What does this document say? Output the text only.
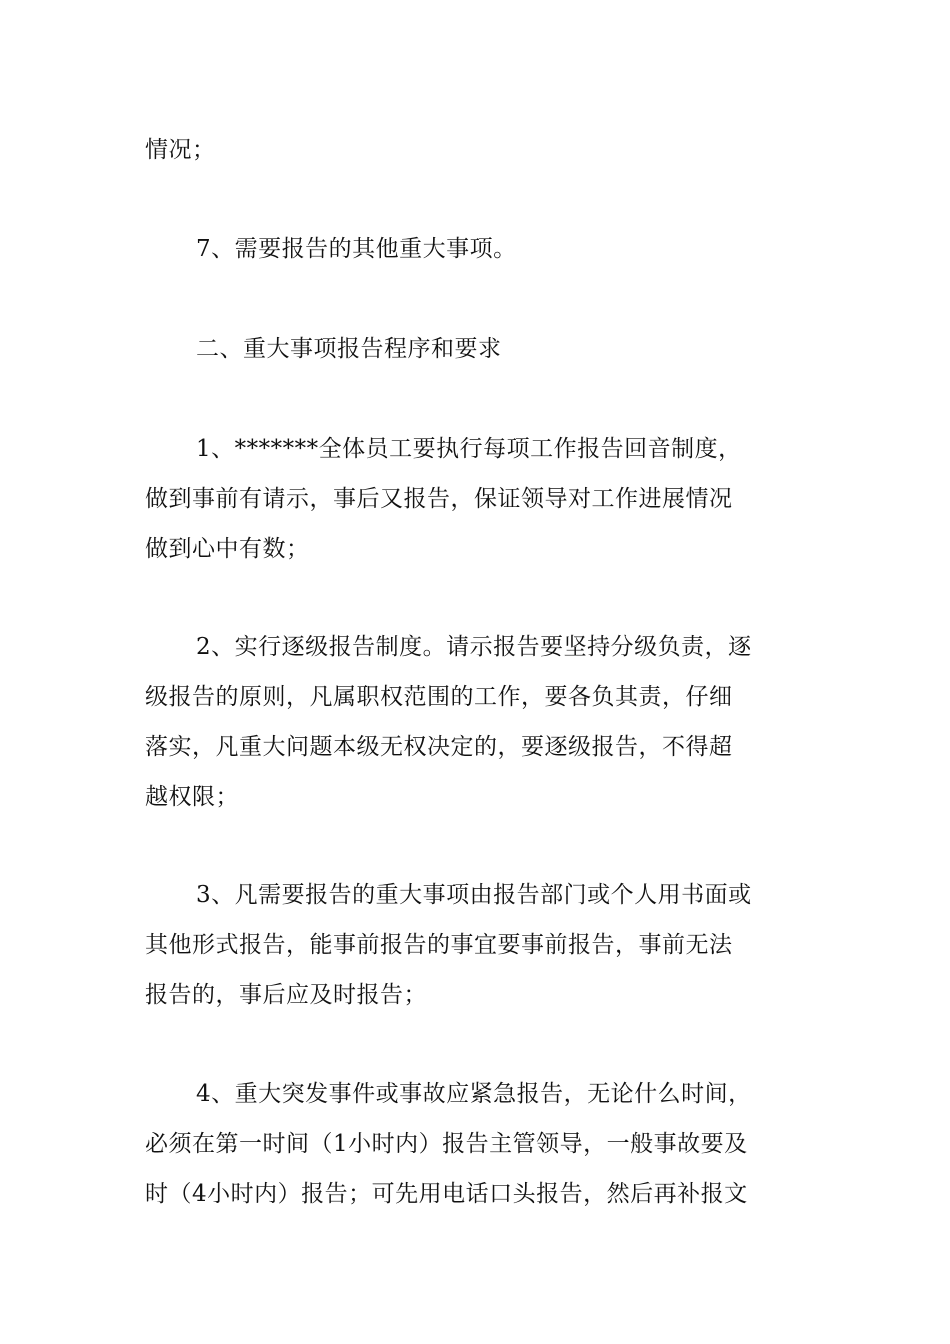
情况；
7、需要报告的其他重大事项。
二、重大事项报告程序和要求
1、*******全体员工要执行每项工作报告回音制度，
做到事前有请示，事后又报告，保证领导对工作进展情况
做到心中有数；
2、实行逐级报告制度。请示报告要坚持分级负责，逐
级报告的原则，凡属职权范围的工作，要各负其责，仔细
落实，凡重大问题本级无权决定的，要逐级报告，不得超
越权限；
3、凡需要报告的重大事项由报告部门或个人用书面或
其他形式报告，能事前报告的事宜要事前报告，事前无法
报告的，事后应及时报告；
4、重大突发事件或事故应紧急报告，无论什么时间，
必须在第一时间（1小时内）报告主管领导，一般事故要及
时（4小时内）报告；可先用电话口头报告，然后再补报文
